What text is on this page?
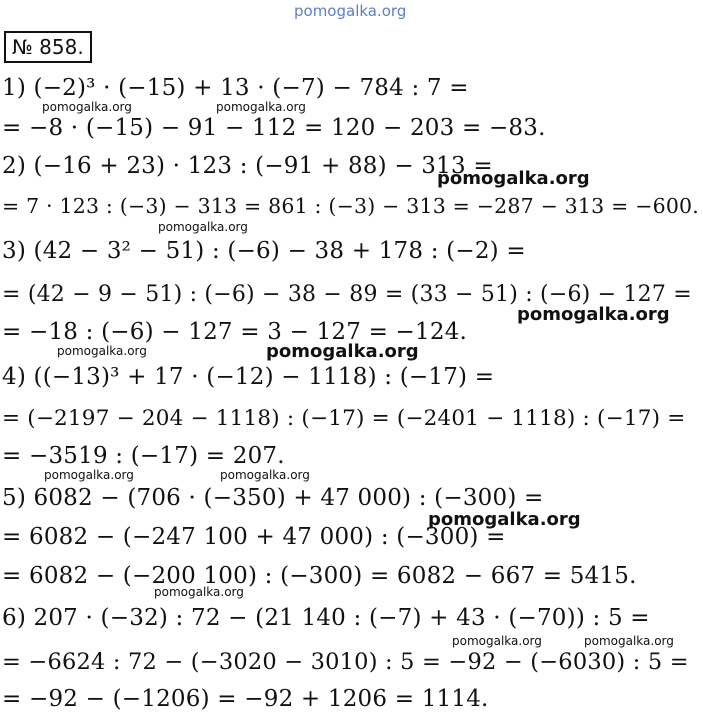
pomogalka.org
№ 858.
1) (−2)³ · (−15) + 13 · (−7) − 784 : 7 =
= −8 · (−15) − 91 − 112 = 120 − 203 = −83.
2) (−16 + 23) · 123 : (−91 + 88) − 313 =
= 7 · 123 : (−3) − 313 = 861 : (−3) − 313 = −287 − 313 = −600.
3) (42 − 3² − 51) : (−6) − 38 + 178 : (−2) =
= (42 − 9 − 51) : (−6) − 38 − 89 = (33 − 51) : (−6) − 127 =
= −18 : (−6) − 127 = 3 − 127 = −124.
4) ((−13)³ + 17 · (−12) − 1118) : (−17) =
= (−2197 − 204 − 1118) : (−17) = (−2401 − 1118) : (−17) =
= −3519 : (−17) = 207.
5) 6082 − (706 · (−350) + 47 000) : (−300) =
= 6082 − (−247 100 + 47 000) : (−300) =
= 6082 − (−200 100) : (−300) = 6082 − 667 = 5415.
6) 207 · (−32) : 72 − (21 140 : (−7) + 43 · (−70)) : 5 =
= −6624 : 72 − (−3020 − 3010) : 5 = −92 − (−6030) : 5 =
= −92 − (−1206) = −92 + 1206 = 1114.
pomogalka.org	pomogalka.org
pomogalka.org
pomogalka.org
pomogalka.org
pomogalka.org	pomogalka.org
pomogalka.org	pomogalka.org
pomogalka.org
pomogalka.org
pomogalka.org	pomogalka.org
